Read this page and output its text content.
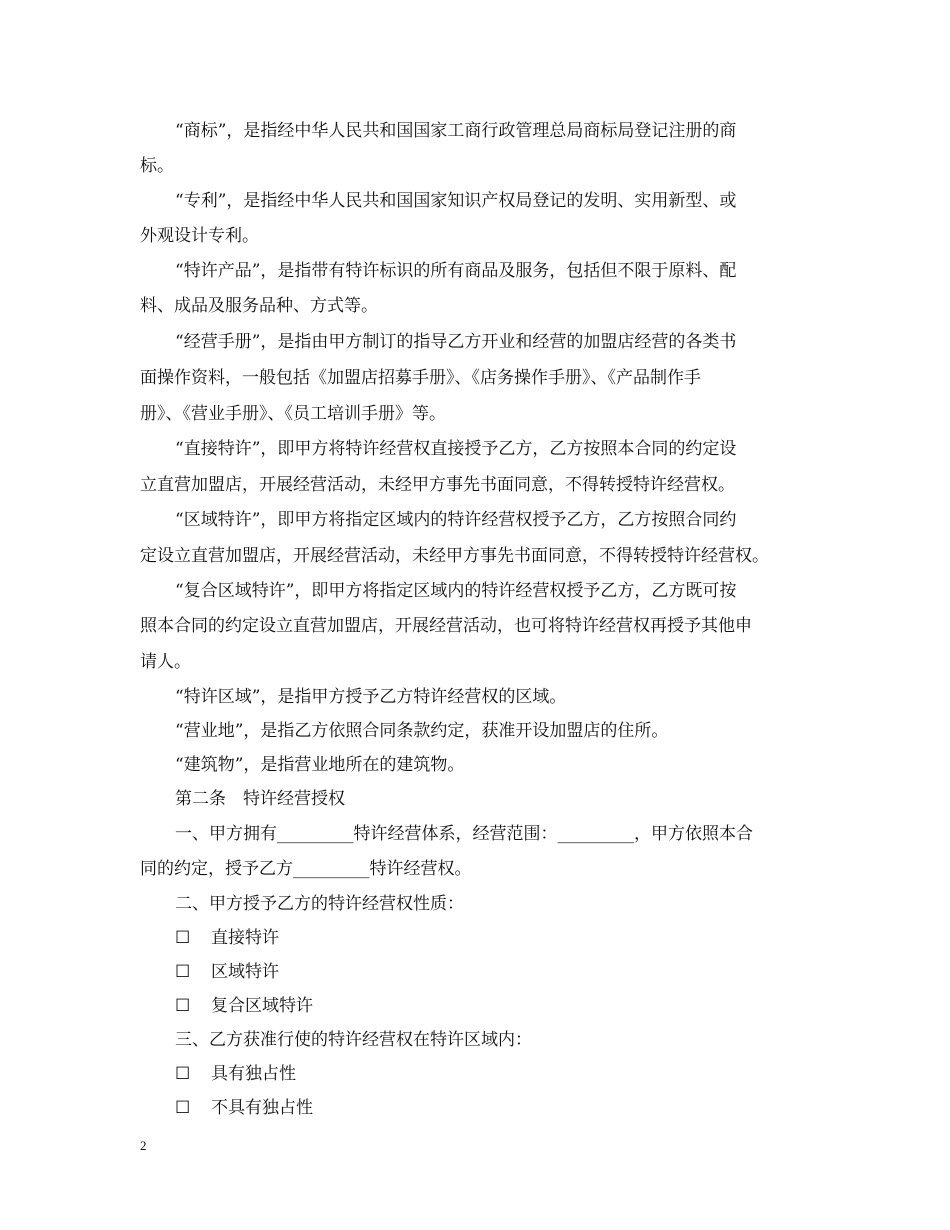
“商标”，是指经中华人民共和国国家工商行政管理总局商标局登记注册的商
标。
“专利”，是指经中华人民共和国国家知识产权局登记的发明、实用新型、或
外观设计专利。
“特许产品”，是指带有特许标识的所有商品及服务，包括但不限于原料、配
料、成品及服务品种、方式等。
“经营手册”，是指由甲方制订的指导乙方开业和经营的加盟店经营的各类书
面操作资料，一般包括《加盟店招募手册》、《店务操作手册》、《产品制作手
册》、《营业手册》、《员工培训手册》等。
“直接特许”，即甲方将特许经营权直接授予乙方，乙方按照本合同的约定设
立直营加盟店，开展经营活动，未经甲方事先书面同意，不得转授特许经营权。
“区域特许”，即甲方将指定区域内的特许经营权授予乙方，乙方按照合同约
定设立直营加盟店，开展经营活动，未经甲方事先书面同意，不得转授特许经营权。
“复合区域特许”，即甲方将指定区域内的特许经营权授予乙方，乙方既可按
照本合同的约定设立直营加盟店，开展经营活动，也可将特许经营权再授予其他申
请人。
“特许区域”，是指甲方授予乙方特许经营权的区域。
“营业地”，是指乙方依照合同条款约定，获准开设加盟店的住所。
“建筑物”，是指营业地所在的建筑物。
第二条　特许经营授权
一、甲方拥有_________特许经营体系，经营范围：_________，甲方依照本合
同的约定，授予乙方_________特许经营权。
二、甲方授予乙方的特许经营权性质：
☐ 直接特许
☐ 区域特许
☐ 复合区域特许
三、乙方获准行使的特许经营权在特许区域内：
☐ 具有独占性
☐ 不具有独占性
2
